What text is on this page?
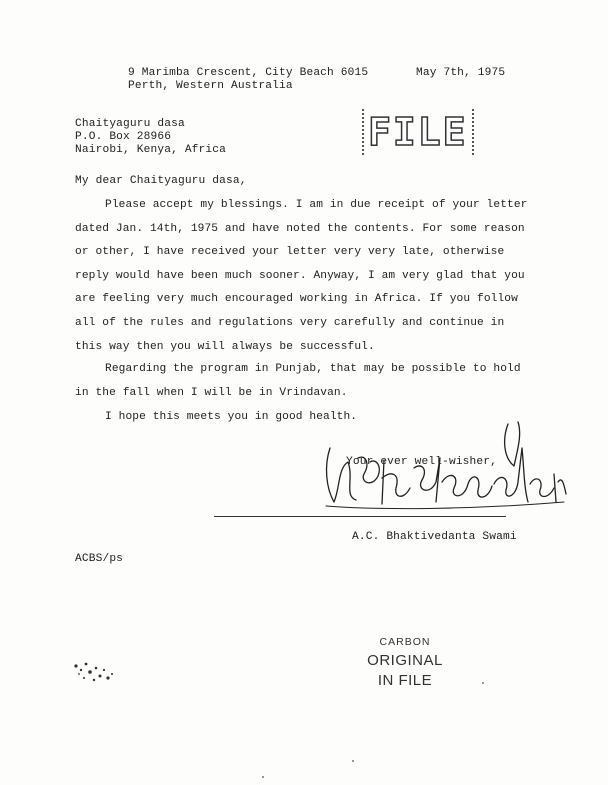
9 Marimba Crescent, City Beach 6015
Perth, Western Australia
May 7th, 1975
Chaityaguru dasa
P.O. Box 28966
Nairobi, Kenya, Africa	FILE
My dear Chaityaguru dasa,

Please accept my blessings. I am in due receipt of your letter dated Jan. 14th, 1975 and have noted the contents. For some reason or other, I have received your letter very very late, otherwise reply would have been much sooner. Anyway, I am very glad that you are feeling very much encouraged working in Africa. If you follow all of the rules and regulations very carefully and continue in this way then you will always be successful.

Regarding the program in Punjab, that may be possible to hold in the fall when I will be in Vrindavan.

I hope this meets you in good health.

Your ever well-wisher,
A.C. Bhaktivedanta Swami
ACBS/ps
CARBON
ORIGINAL
IN FILE
